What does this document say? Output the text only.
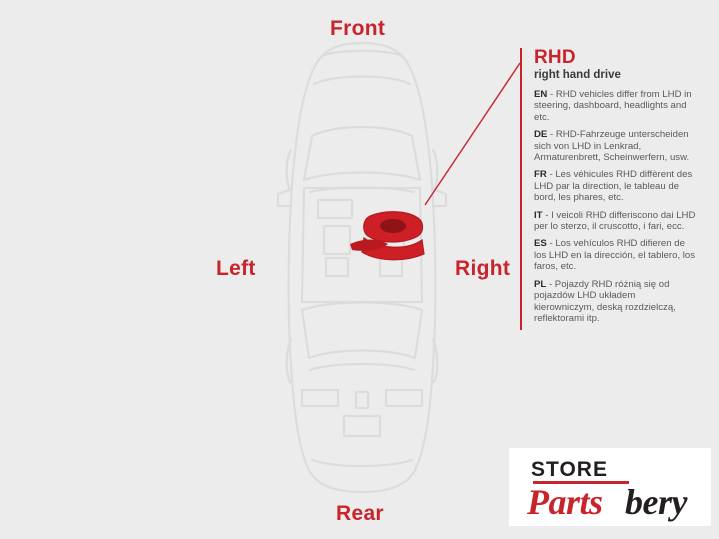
Front
Rear
Left	Right
RHD
right hand drive
EN - RHD vehicles differ from LHD in steering, dashboard, headlights and etc.
DE - RHD-Fahrzeuge unterscheiden sich von LHD in Lenkrad, Armaturenbrett, Scheinwerfern, usw.
FR - Les véhicules RHD diffèrent des LHD par la direction, le tableau de bord, les phares, etc.
IT - I veicoli RHD differiscono dai LHD per lo sterzo, il cruscotto, i fari, ecc.
ES - Los vehículos RHD difieren de los LHD en la dirección, el tablero, los faros, etc.
PL - Pojazdy RHD różnią się od pojazdów LHD układem kierowniczym, deską rozdzielczą, reflektorami itp.
STORE
Parts bery
